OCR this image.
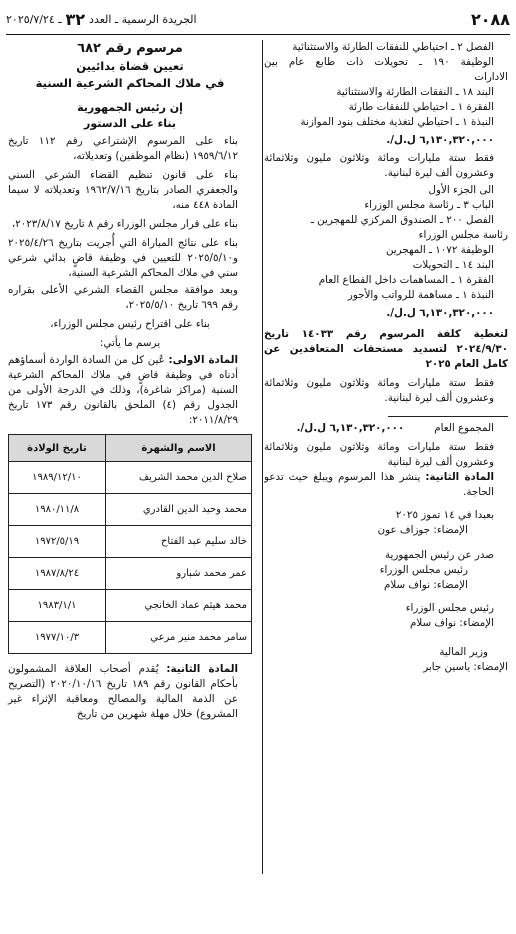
٢٠٨٨
ـ ٢٠٢٥/٧/٢٤ ٣٢ الجريدة الرسمية ـ العدد
الفصل ٢ ـ احتياطي للنفقات الطارئة والاستثنائية
الوظيفة ١٩٠ ـ تحويلات ذات طابع عام بين
الادارات
البند ١٨ ـ النفقات الطارئة والاستثنائية
الفقرة ١ ـ احتياطي للنفقات طارئة
النبذة ١ ـ احتياطي لتغذية مختلف بنود الموازنة
٦,١٣٠,٣٢٠,٠٠٠ ل.ل/.
فقط ستة مليارات ومائة وثلاثون مليون وثلاثمائة وعشرون ألف ليرة لبنانية.
الى الجزء الأول
الباب ٣ ـ رئاسة مجلس الوزراء
الفصل ٢٠٠ ـ الصندوق المركزي للمهجرين ـ
رئاسة مجلس الوزراء
الوظيفة ١٠٧٢ ـ المهجرين
البند ١٤ ـ التحويلات
الفقرة ١ ـ المساهمات داخل القطاع العام
النبذة ١ ـ مساهمة للرواتب والأجور
٦,١٣٠,٣٢٠,٠٠٠ ل.ل/.
لتغطية كلفة المرسوم رقم ١٤٠٣٣ تاريخ ٢٠٢٤/٩/٣٠ لتسديد مستحقات المتعاقدين عن كامل العام ٢٠٢٥
فقط ستة مليارات ومائة وثلاثون مليون وثلاثمائة وعشرون ألف ليرة لبنانية.
المجموع العام
٦,١٣٠,٣٢٠,٠٠٠ ل.ل/.
فقط ستة مليارات ومائة وثلاثون مليون وثلاثمائة وعشرون ألف ليرة لبنانية
المادة الثانية: ينشر هذا المرسوم ويبلغ حيث تدعو الحاجة.
بعبدا في ١٤ تموز ٢٠٢٥
الإمضاء: جوزاف عون
صدر عن رئيس الجمهورية
رئيس مجلس الوزراء
الإمضاء: نواف سلام
رئيس مجلس الوزراء
الإمضاء: نواف سلام
وزير المالية
الإمضاء: ياسين جابر
مرسوم رقم ٦٨٢
تعيين قضاة بدائيين
في ملاك المحاكم الشرعية السنية
إن رئيس الجمهورية
بناء على الدستور
بناء على المرسوم الإشتراعي رقم ١١٢ تاريخ ١٩٥٩/٦/١٢ (نظام الموظفين) وتعديلاته،
بناء على قانون تنظيم القضاء الشرعي السني والجعفري الصادر بتاريخ ١٩٦٢/٧/١٦ وتعديلاته لا سيما المادة ٤٤٨ منه،
بناء على قرار مجلس الوزراء رقم ٨ تاريخ ٢٠٢٣/٨/١٧،
بناء على نتائج المباراة التي أُجريت بتاريخ ٢٠٢٥/٤/٢٦ و٢٠٢٥/٥/١٠ للتعيين في وظيفة قاضٍ بدائي شرعي سني في ملاك المحاكم الشرعية السنية،
وبعد موافقة مجلس القضاء الشرعي الأعلى بقراره رقم ٦٩٩ تاريخ ٢٠٢٥/٥/١٠،
بناء على اقتراح رئيس مجلس الوزراء،
يرسم ما يأتي:
المادة الاولى: عُين كل من السادة الواردة أسماؤهم أدناه في وظيفة قاضٍ في ملاك المحاكم الشرعية السنية (مراكز شاغرة)، وذلك في الدرجة الأولى من الجدول رقم (٤) الملحق بالقانون رقم ١٧٣ تاريخ ٢٠١١/٨/٢٩:
الاسم والشهرة	تاريخ الولادة
صلاح الدين محمد الشريف	١٩٨٩/١٢/١٠
محمد وحيد الدين القادري	١٩٨٠/١١/٨
خالد سليم عبد الفتاح	١٩٧٢/٥/١٩
عمر محمد شبارو	١٩٨٧/٨/٢٤
محمد هيثم عماد الخانجي	١٩٨٣/١/١
سامر محمد منير مرعي	١٩٧٧/١٠/٣
المادة الثانية: يُقدم أصحاب العلاقة المشمولون بأحكام القانون رقم ١٨٩ تاريخ ٢٠٢٠/١٠/١٦ (التصريح عن الذمة المالية والمصالح ومعاقبة الإثراء غير المشروع) خلال مهلة شهرين من تاريخ
